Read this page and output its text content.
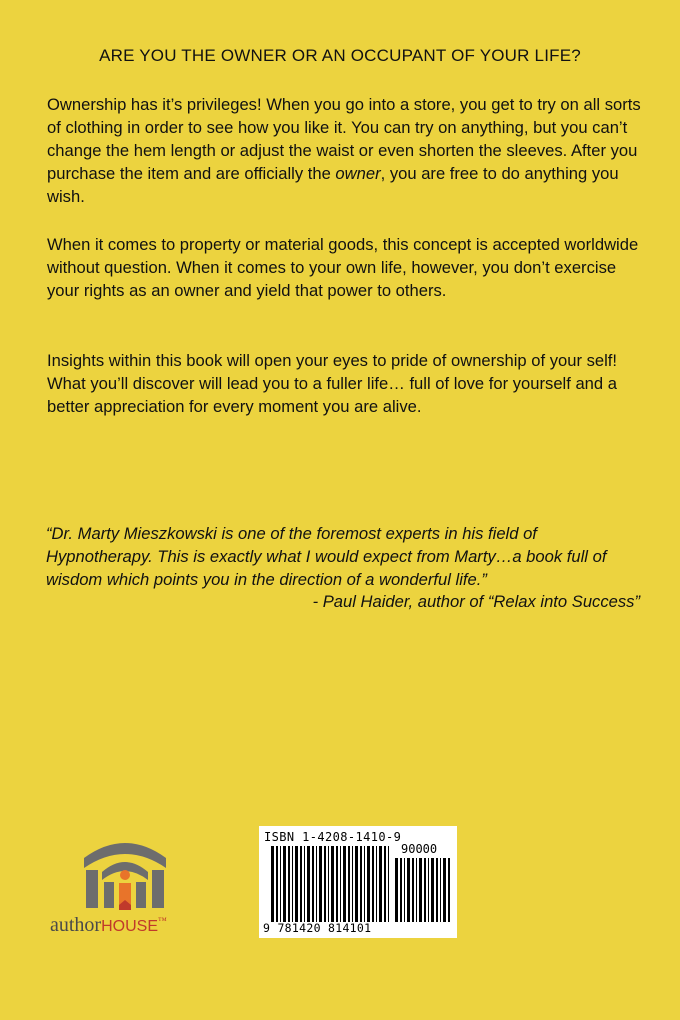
ARE YOU THE OWNER OR AN OCCUPANT OF YOUR LIFE?

Ownership has it’s privileges! When you go into a store, you get to try on all sorts of clothing in order to see how you like it. You can try on anything, but you can’t change the hem length or adjust the waist or even shorten the sleeves. After you purchase the item and are officially the owner, you are free to do anything you wish.

When it comes to property or material goods, this concept is accepted worldwide without question. When it comes to your own life, however, you don’t exercise your rights as an owner and yield that power to others.

Insights within this book will open your eyes to pride of ownership of your self! What you’ll discover will lead you to a fuller life… full of love for yourself and a better appreciation for every moment you are alive.

“Dr. Marty Mieszkowski is one of the foremost experts in his field of Hypnotherapy. This is exactly what I would expect from Marty…a book full of wisdom which points you in the direction of a wonderful life.”

- Paul Haider, author of “Relax into Success”
authorHOUSE™
ISBN 1-4208-1410-9
90000
9 781420 814101
